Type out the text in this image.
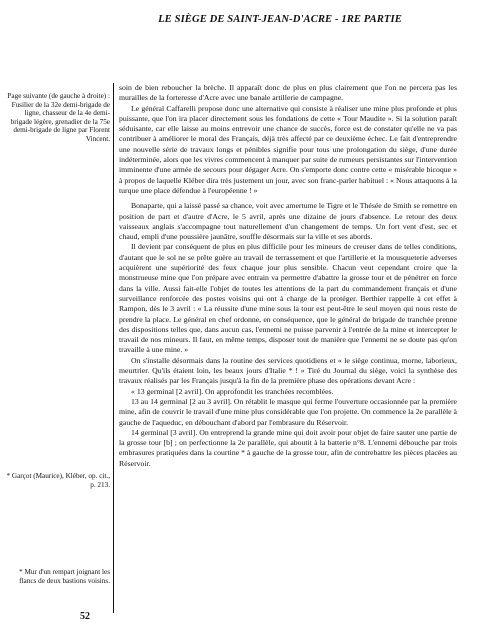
LE SIÈGE DE SAINT-JEAN-D'ACRE - 1RE PARTIE
Page suivante (de gauche à droite) : Fusilier de la 32e demi-brigade de ligne, chasseur de la 4e demi-brigade légère, grenadier de la 75e demi-brigade de ligne par Florent Vincent.
* Garçot (Maurice), Kléber, op. cit., p. 213.
* Mur d'un rempart joignant les flancs de deux bastions voisins.

soin de bien reboucher la brèche. Il apparaît donc de plus en plus clairement que l'on ne percera pas les murailles de la forteresse d'Acre avec une banale artillerie de campagne.

Le général Caffarelli propose donc une alternative qui consiste à réaliser une mine plus profonde et plus puissante, que l'on ira placer directement sous les fondations de cette « Tour Maudite ». Si la solution paraît séduisante, car elle laisse au moins entrevoir une chance de succès, force est de constater qu'elle ne va pas contribuer à améliorer le moral des Français, déjà très affecté par ce deuxième échec. Le fait d'entreprendre une nouvelle série de travaux longs et pénibles signifie pour tous une prolongation du siège, d'une durée indéterminée, alors que les vivres commencent à manquer par suite de rumeurs persistantes sur l'intervention imminente d'une armée de secours pour dégager Acre. On s'emporte donc contre cette « misérable bicoque » à propos de laquelle Kléber dira très justement un jour, avec son franc-parler habituel : « Nous attaquons à la turque une place défendue à l'européenne ! »

Bonaparte, qui a laissé passé sa chance, voit avec amertume le Tigre et le Thésée de Smith se remettre en position de part et d'autre d'Acre, le 5 avril, après une dizaine de jours d'absence. Le retour des deux vaisseaux anglais s'accompagne tout naturellement d'un changement de temps. Un fort vent d'est, sec et chaud, empli d'une poussière jaunâtre, souffle désormais sur la ville et ses abords.

Il devient par conséquent de plus en plus difficile pour les mineurs de creuser dans de telles conditions, d'autant que le sol ne se prête guère au travail de terrassement et que l'artillerie et la mousqueterie adverses acquièrent une supériorité des feux chaque jour plus sensible. Chacun veut cependant croire que la monstrueuse mine que l'on prépare avec entrain va permettre d'abattre la grosse tour et de pénétrer en force dans la ville. Aussi fait-elle l'objet de toutes les attentions de la part du commandement français et d'une surveillance renforcée des postes voisins qui ont à charge de la protéger. Berthier rappelle à cet effet à Rampon, dès le 3 avril : « La réussite d'une mine sous la tour est peut-être le seul moyen qui nous reste de prendre la place. Le général en chef ordonne, en conséquence, que le général de brigade de tranchée prenne des dispositions telles que, dans aucun cas, l'ennemi ne puisse parvenir à l'entrée de la mine et intercepter le travail de nos mineurs. Il faut, en même temps, disposer tout de manière que l'ennemi ne se doute pas qu'on travaille à une mine. »

On s'installe désormais dans la routine des services quotidiens et « le siège continua, morne, laborieux, meurtrier. Qu'ils étaient loin, les beaux jours d'Italie * ! » Tiré du Journal du siège, voici la synthèse des travaux réalisés par les Français jusqu'à la fin de la première phase des opérations devant Acre :

« 13 germinal [2 avril]. On approfondit les tranchées recomblées.

13 au 14 germinal [2 au 3 avril]. On rétablit le masque qui ferme l'ouverture occasionnée par la première mine, afin de couvrir le travail d'une mine plus considérable que l'on projette. On commence la 2e parallèle à gauche de l'aqueduc, en débouchant d'abord par l'embrasure du Réservoir.

14 germinal [3 avril]. On entreprend la grande mine qui doit avoir pour objet de faire sauter une partie de la grosse tour [b] ; on perfectionne la 2e parallèle, qui aboutit à la batterie n°8. L'ennemi débouche par trois embrasures pratiquées dans la courtine * à gauche de la grosse tour, afin de contrebattre les pièces placées au Réservoir.

52
